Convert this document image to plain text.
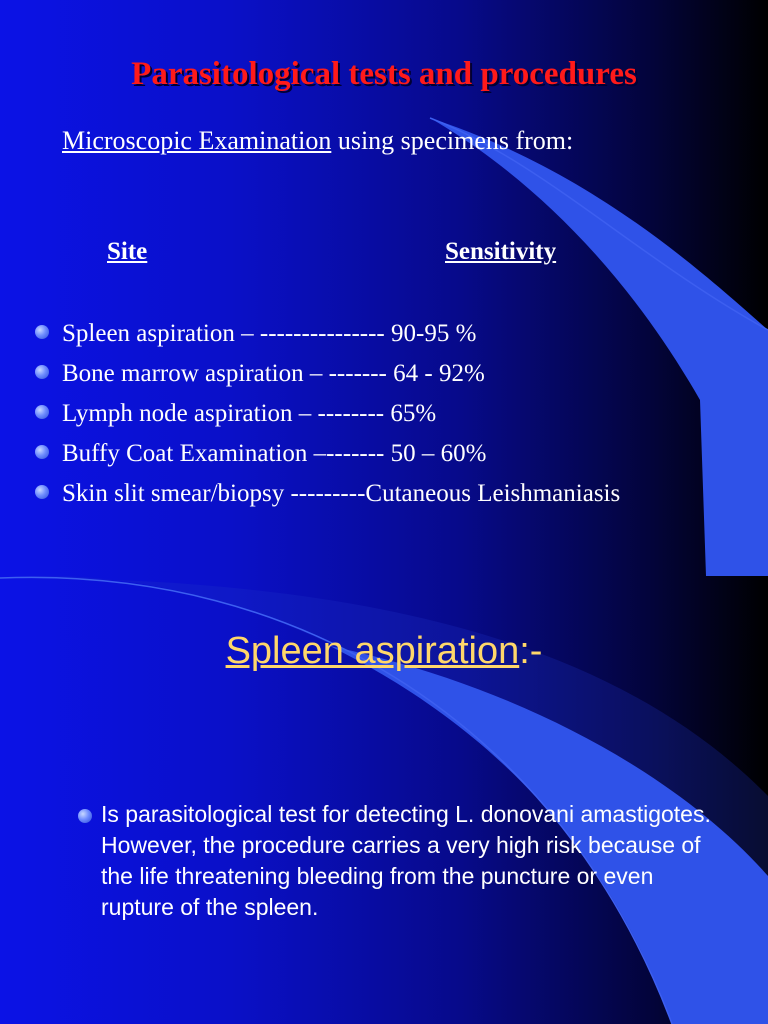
Parasitological tests and procedures
Microscopic Examination using specimens from:
Site	Sensitivity
Spleen aspiration – --------------- 90-95 %
Bone marrow aspiration – ------- 64 - 92%
Lymph node aspiration – -------- 65%
Buffy Coat Examination –------- 50 – 60%
Skin slit smear/biopsy ---------Cutaneous Leishmaniasis
Spleen aspiration:-
Is parasitological test for detecting L. donovani amastigotes. However, the procedure carries a very high risk because of the life threatening bleeding from the puncture or even rupture of the spleen.
